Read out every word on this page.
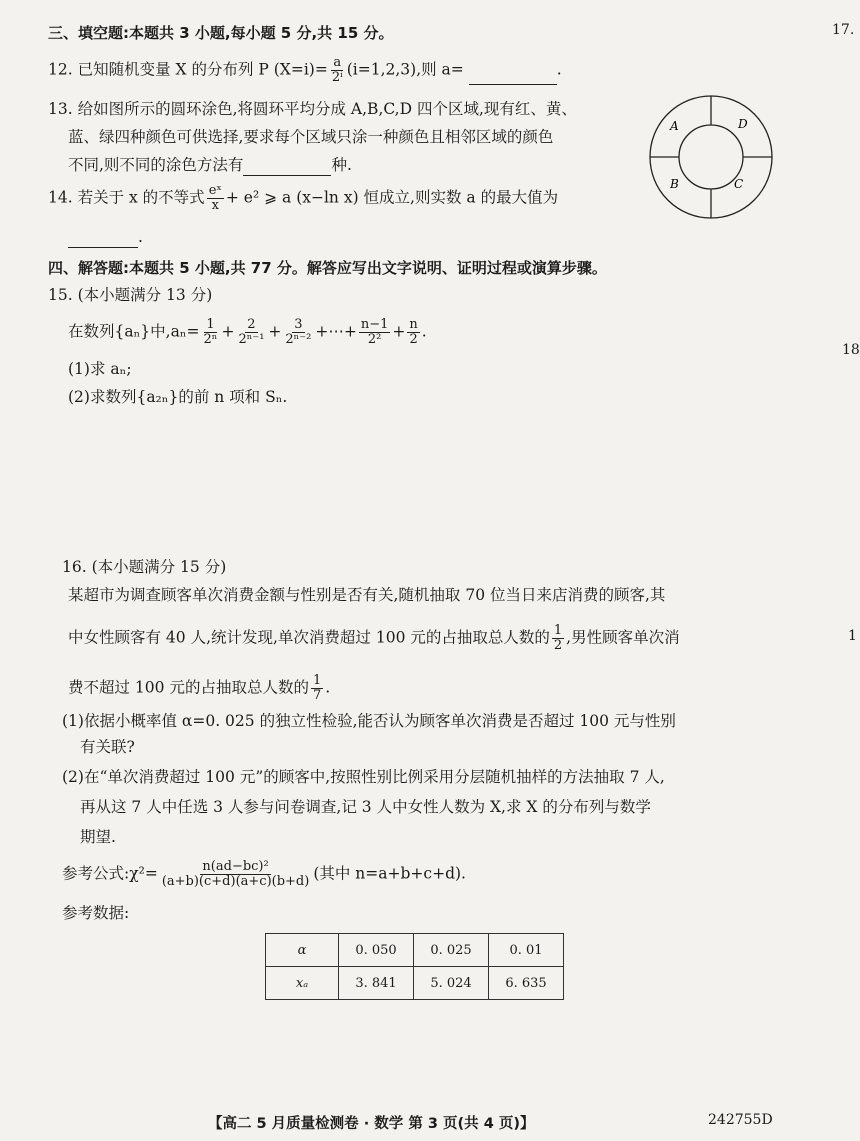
17.
18
1
三、填空题:本题共 3 小题,每小题 5 分,共 15 分。
12. 已知随机变量 X 的分布列 P $(X=i)= \frac{a}{\text{2ⁱ}} (i=1,2,3)$,则 a=	.
13. 给如图所示的圆环涂色,将圆环平均分成 A,B,C,D 四个区域,现有红、黄、
蓝、绿四种颜色可供选择,要求每个区域只涂一种颜色且相邻区域的颜色
不同,则不同的涂色方法有	种.
A	D
B	C
14. 若关于 x 的不等式 $\frac{\text{eˣ}}{x} + e^2$ ⩾ a (x−ln x) 恒成立,则实数 a 的最大值为
.
四、解答题:本题共 5 小题,共 77 分。解答应写出文字说明、证明过程或演算步骤。
15. (本小题满分 13 分)
在数列{aₙ}中$,a_n= \frac{1}{\text{2ⁿ}} + \frac{2}{\text{2ⁿ⁻¹}} + \frac{3}{\text{2ⁿ⁻²}}$ +⋯+ $\frac{n-1}{\text{2²}} + \frac{n}{2}$ .
(1)求 aₙ;
(2)求数列{a₂ₙ}的前 n 项和 Sₙ.
16. (本小题满分 15 分)
某超市为调查顾客单次消费金额与性别是否有关,随机抽取 70 位当日来店消费的顾客,其
中女性顾客有 40 人,统计发现,单次消费超过 100 元的占抽取总人数的 $\frac{1}{2}$ ,男性顾客单次消
费不超过 100 元的占抽取总人数的 $\frac{1}{7}$ .
(1)依据小概率值 α=0. 025 的独立性检验,能否认为顾客单次消费是否超过 100 元与性别
有关联?
(2)在“单次消费超过 100 元”的顾客中,按照性别比例采用分层随机抽样的方法抽取 7 人,
再从这 7 人中任选 3 人参与问卷调查,记 3 人中女性人数为 X,求 X 的分布列与数学
期望.
参考公式:χ²= $\frac{\text{n(ad−bc)²}}{(a+b)(c+d)(a+c)(b+d)}$ (其中 n=a+b+c+d).
参考数据:
α	0. 050	0. 025	0. 01
xₐ	3. 841	5. 024	6. 635
【高二 5 月质量检测卷 · 数学 第 3 页(共 4 页)】	242755D
